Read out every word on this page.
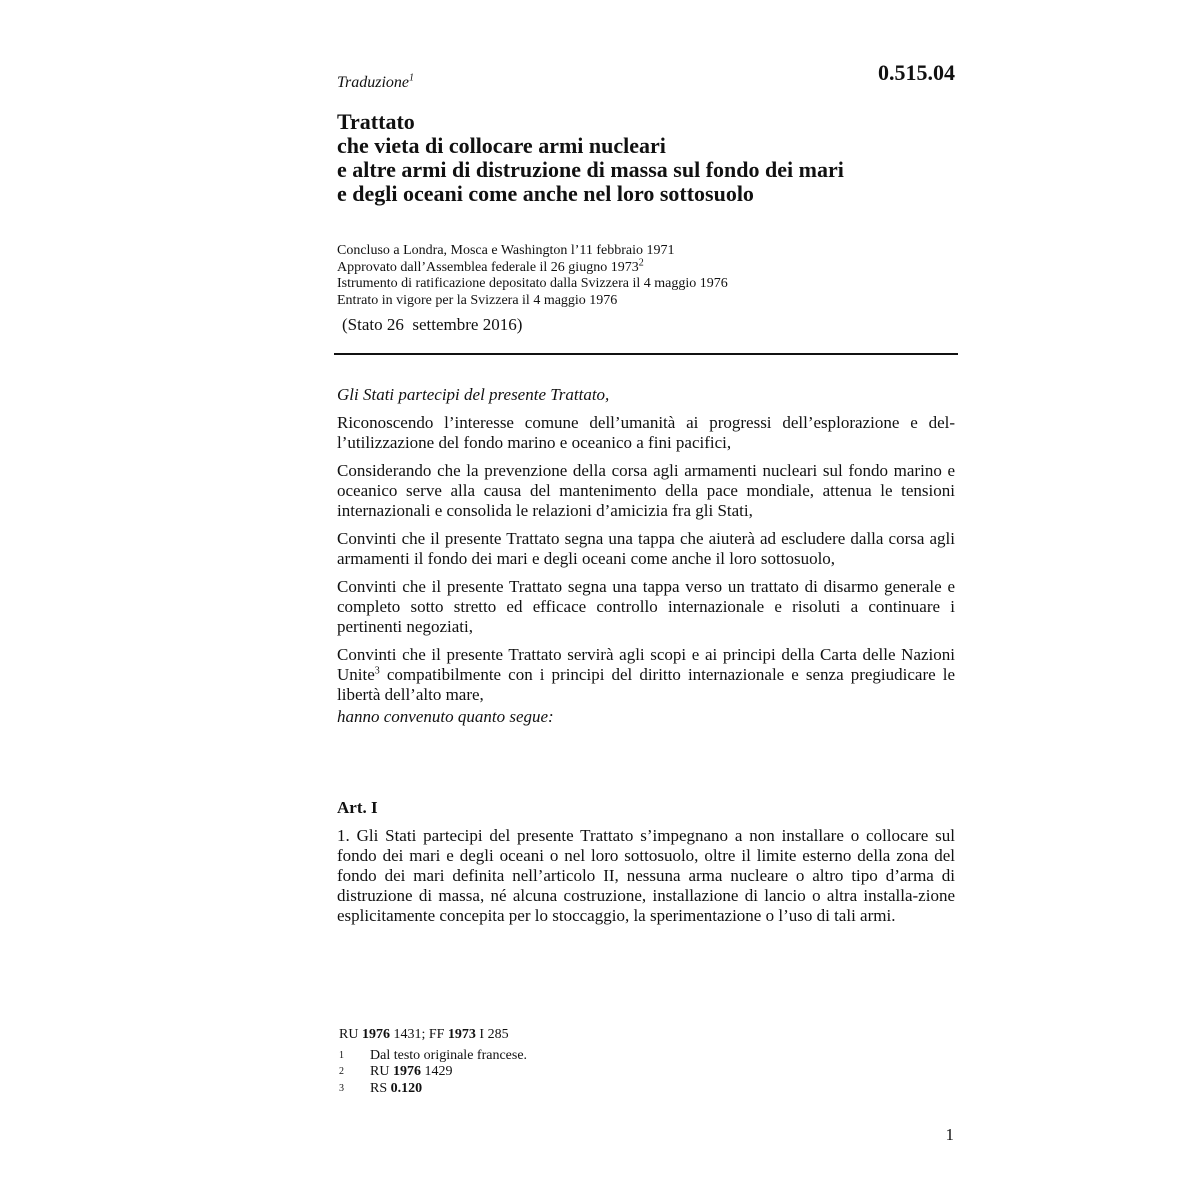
Traduzione$^1$	0.515.04
Trattato
che vieta di collocare armi nucleari
e altre armi di distruzione di massa sul fondo dei mari
e degli oceani come anche nel loro sottosuolo
Concluso a Londra, Mosca e Washington l’11 febbraio 1971
Approvato dall’Assemblea federale il 26 giugno 1973$^2$
Istrumento di ratificazione depositato dalla Svizzera il 4 maggio 1976
Entrato in vigore per la Svizzera il 4 maggio 1976
(Stato 26  settembre 2016)

Gli Stati partecipi del presente Trattato,

Riconoscendo l’interesse comune dell’umanità ai progressi dell’esplorazione e del-l’utilizzazione del fondo marino e oceanico a fini pacifici,

Considerando che la prevenzione della corsa agli armamenti nucleari sul fondo marino e oceanico serve alla causa del mantenimento della pace mondiale, attenua le tensioni internazionali e consolida le relazioni d’amicizia fra gli Stati,

Convinti che il presente Trattato segna una tappa che aiuterà ad escludere dalla corsa agli armamenti il fondo dei mari e degli oceani come anche il loro sottosuolo,

Convinti che il presente Trattato segna una tappa verso un trattato di disarmo generale e completo sotto stretto ed efficace controllo internazionale e risoluti a continuare i pertinenti negoziati,

Convinti che il presente Trattato servirà agli scopi e ai principi della Carta delle Nazioni Unite$^3$ compatibilmente con i principi del diritto internazionale e senza pregiudicare le libertà dell’alto mare,

hanno convenuto quanto segue:

Art. I

1. Gli Stati partecipi del presente Trattato s’impegnano a non installare o collocare sul fondo dei mari e degli oceani o nel loro sottosuolo, oltre il limite esterno della zona del fondo dei mari definita nell’articolo II, nessuna arma nucleare o altro tipo d’arma di distruzione di massa, né alcuna costruzione, installazione di lancio o altra installa-zione esplicitamente concepita per lo stoccaggio, la sperimentazione o l’uso di tali armi.

RU 1976 1431; FF 1973 I 285
1	Dal testo originale francese.
2	RU 1976 1429
3	RS 0.120
1
